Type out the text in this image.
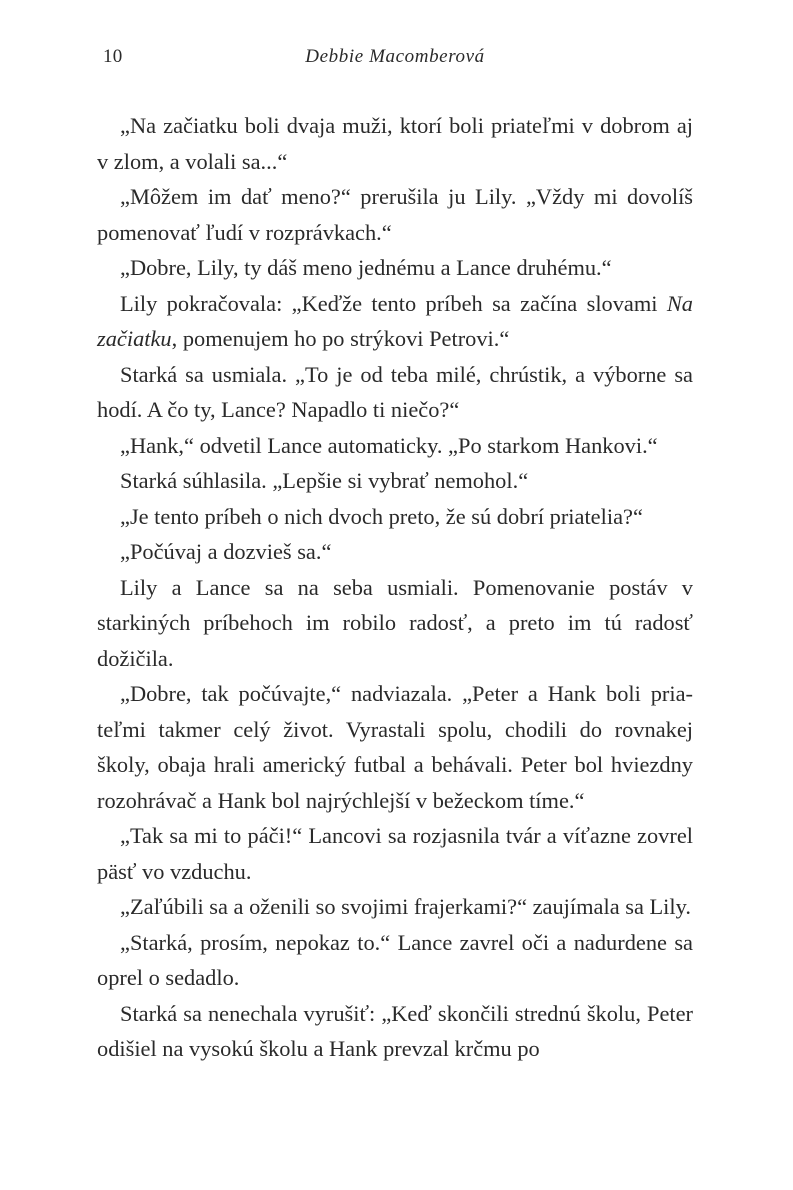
10	Debbie Macomberová

„Na začiatku boli dvaja muži, ktorí boli priateľmi v dobrom aj v zlom, a volali sa...“

„Môžem im dať meno?“ prerušila ju Lily. „Vždy mi dovolíš pomenovať ľudí v rozprávkach.“

„Dobre, Lily, ty dáš meno jednému a Lance druhému.“

Lily pokračovala: „Keďže tento príbeh sa začína slovami Na začiatku, pomenujem ho po strýkovi Petrovi.“

Starká sa usmiala. „To je od teba milé, chrústik, a výborne sa hodí. A čo ty, Lance? Napadlo ti niečo?“

„Hank,“ odvetil Lance automaticky. „Po starkom Hankovi.“

Starká súhlasila. „Lepšie si vybrať nemohol.“

„Je tento príbeh o nich dvoch preto, že sú dobrí priatelia?“

„Počúvaj a dozvieš sa.“

Lily a Lance sa na seba usmiali. Pomenovanie postáv v starkiných príbehoch im robilo radosť, a preto im tú radosť dožičila.

„Dobre, tak počúvajte,“ nadviazala. „Peter a Hank boli priateľmi takmer celý život. Vyrastali spolu, chodili do rovnakej školy, obaja hrali americký futbal a behávali. Peter bol hviezdny rozohrávač a Hank bol najrýchlejší v bežeckom tíme.“

„Tak sa mi to páči!“ Lancovi sa rozjasnila tvár a víťazne zovrel päsť vo vzduchu.

„Zaľúbili sa a oženili so svojimi frajerkami?“ zaujímala sa Lily.

„Starká, prosím, nepokaz to.“ Lance zavrel oči a nadurdene sa oprel o sedadlo.

Starká sa nenechala vyrušiť: „Keď skončili strednú školu, Peter odišiel na vysokú školu a Hank prevzal krčmu po
